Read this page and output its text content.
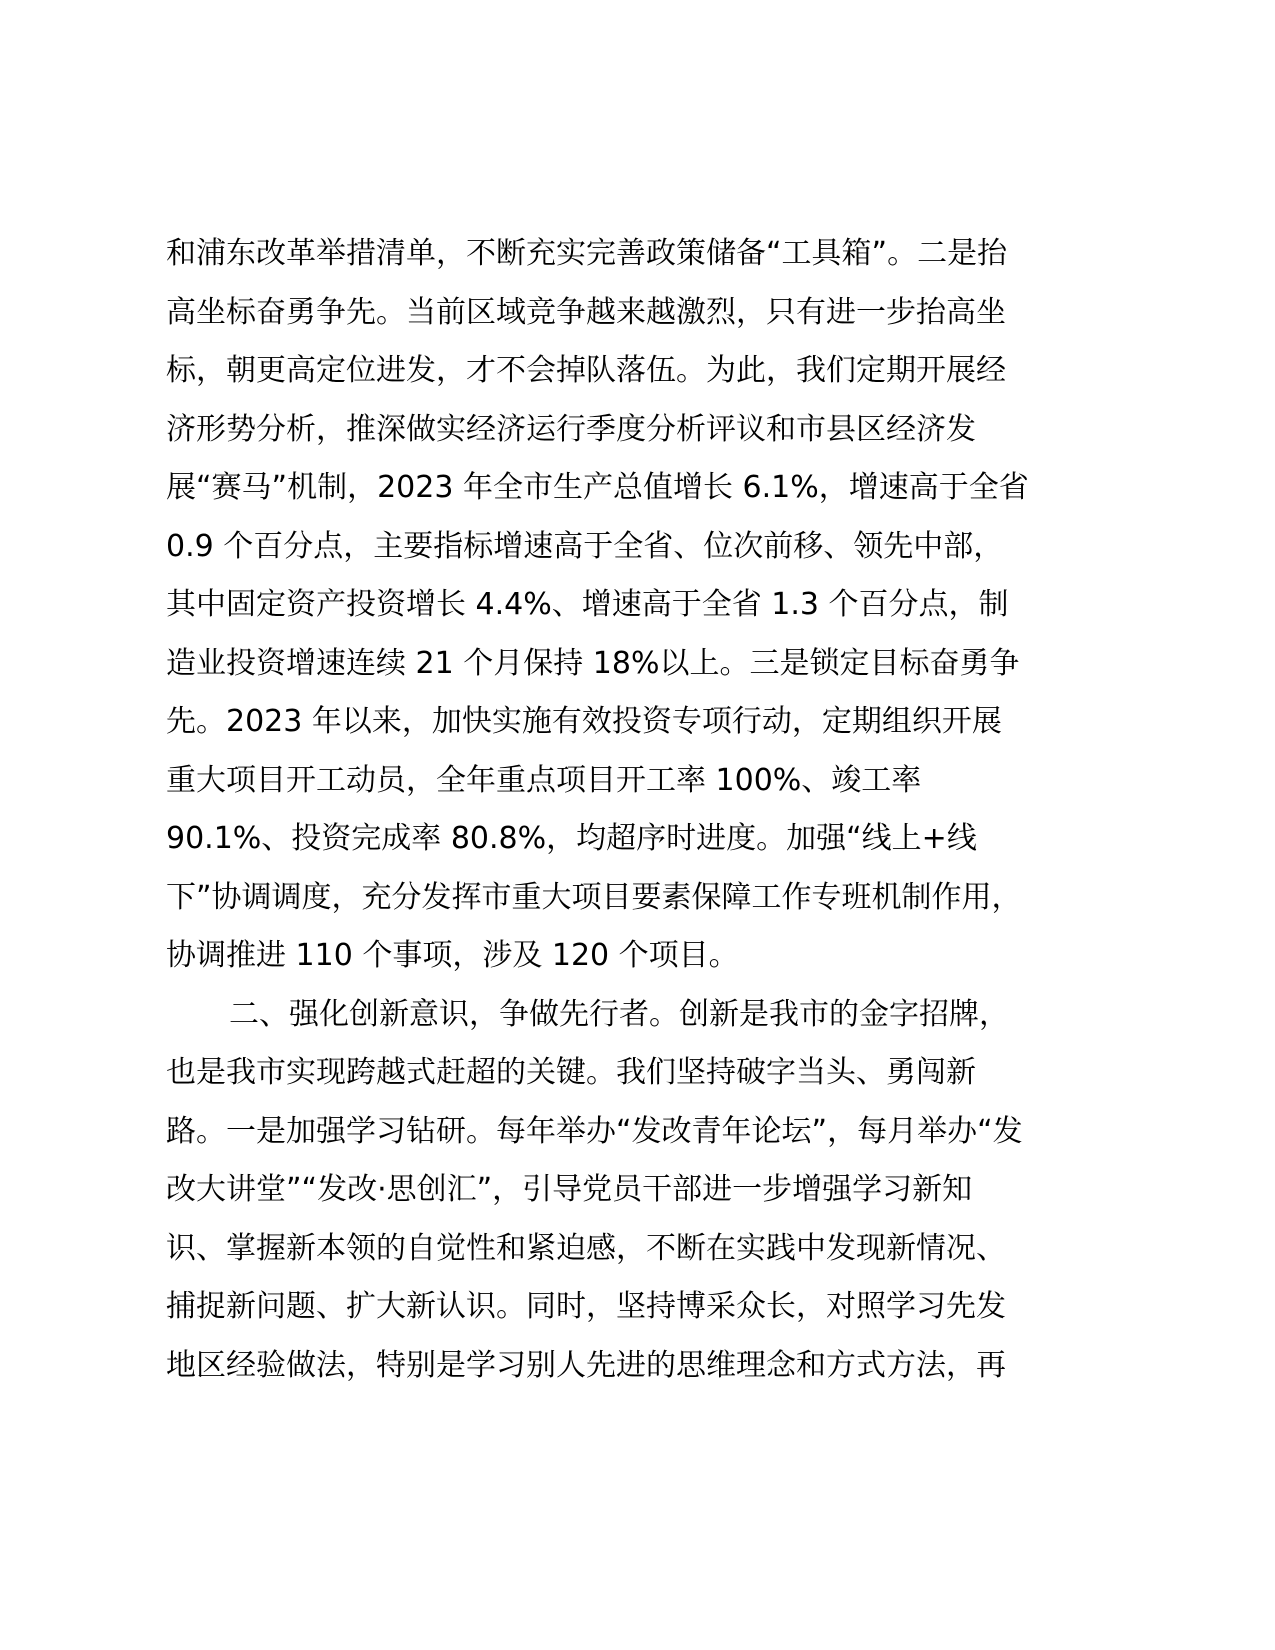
和浦东改革举措清单，不断充实完善政策储备“工具箱”。二是抬
高坐标奋勇争先。当前区域竞争越来越激烈，只有进一步抬高坐
标，朝更高定位进发，才不会掉队落伍。为此，我们定期开展经
济形势分析，推深做实经济运行季度分析评议和市县区经济发
展“赛马”机制，2023 年全市生产总值增长 6.1%，增速高于全省
0.9 个百分点，主要指标增速高于全省、位次前移、领先中部，
其中固定资产投资增长 4.4%、增速高于全省 1.3 个百分点，制
造业投资增速连续 21 个月保持 18%以上。三是锁定目标奋勇争
先。2023 年以来，加快实施有效投资专项行动，定期组织开展
重大项目开工动员，全年重点项目开工率 100%、竣工率
90.1%、投资完成率 80.8%，均超序时进度。加强“线上+线
下”协调调度，充分发挥市重大项目要素保障工作专班机制作用，
协调推进 110 个事项，涉及 120 个项目。
二、强化创新意识，争做先行者。创新是我市的金字招牌，
也是我市实现跨越式赶超的关键。我们坚持破字当头、勇闯新
路。一是加强学习钻研。每年举办“发改青年论坛”，每月举办“发
改大讲堂”“发改·思创汇”，引导党员干部进一步增强学习新知
识、掌握新本领的自觉性和紧迫感，不断在实践中发现新情况、
捕捉新问题、扩大新认识。同时，坚持博采众长，对照学习先发
地区经验做法，特别是学习别人先进的思维理念和方式方法，再
